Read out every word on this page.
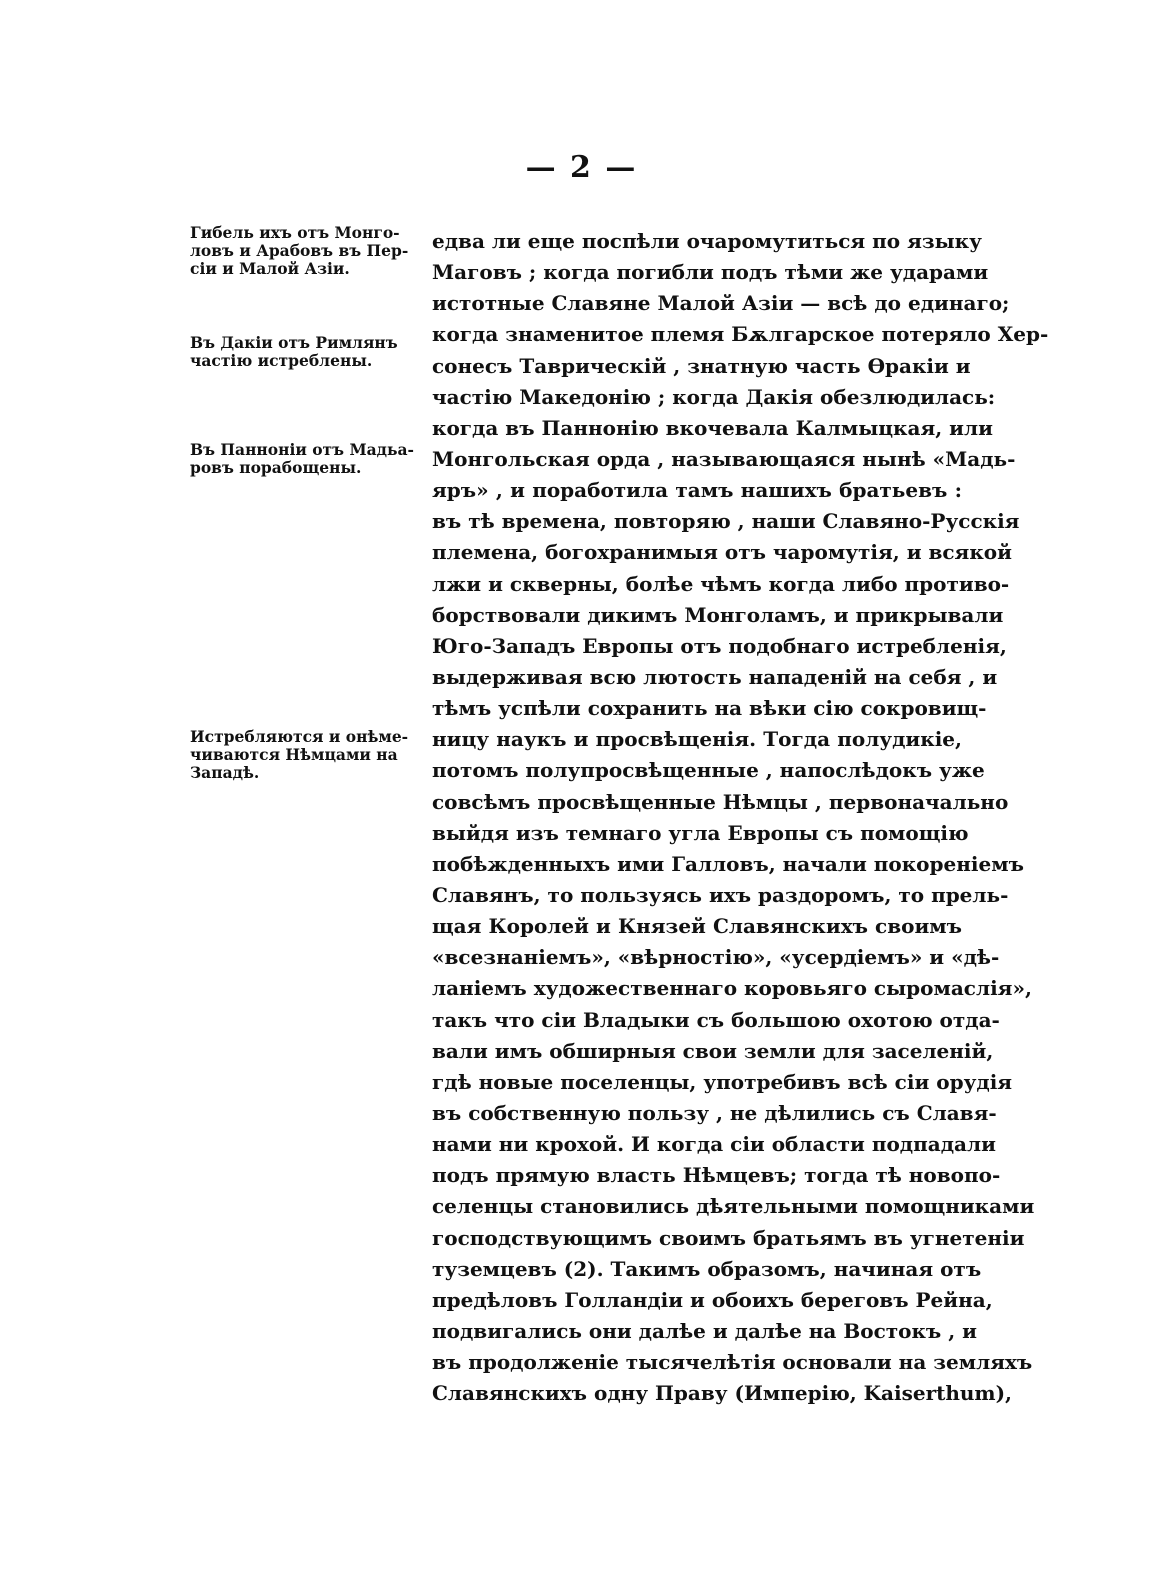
— 2 —
Гибель ихъ отъ Монго-
ловъ и Арабовъ въ Пер-
сіи и Малой Азіи.
Въ Дакіи отъ Римлянъ
частію истреблены.
Въ Паннонiи отъ Мадьа-
ровъ порабощены.
Истребляются и онѣме-
чиваются Нѣмцами на
Западѣ.
едва ли еще поспѣли очаромутиться по языку
Маговъ ; когда погибли подъ тѣми же ударами
истотные Славяне Малой Азіи — всѣ до единаго;
когда знаменитое племя Бѫлгарское потеряло Хер-
сонесъ Таврическій , знатную часть Ѳракіи и
частію Македонію ; когда Дакія обезлюдилась:
когда въ Паннонію вкочевала Калмыцкая, или
Монгольская орда , называющаяся нынѣ «Мадь-
яръ» , и поработила тамъ нашихъ братьевъ :
въ тѣ времена, повторяю , наши Славяно-Русскія
племена, богохранимыя отъ чаромутія, и всякой
лжи и скверны, болѣе чѣмъ когда либо противо-
борствовали дикимъ Монголамъ, и прикрывали
Юго-Западъ Европы отъ подобнаго истребленія,
выдерживая всю лютость нападеній на себя , и
тѣмъ успѣли сохранить на вѣки сію сокровищ-
ницу наукъ и просвѣщенія. Тогда полудикіе,
потомъ полупросвѣщенные , напослѣдокъ уже
совсѣмъ просвѣщенные Нѣмцы , первоначально
выйдя изъ темнаго угла Европы съ помощію
побѣжденныхъ ими Галловъ, начали покореніемъ
Славянъ, то пользуясь ихъ раздоромъ, то прель-
щая Королей и Князей Славянскихъ своимъ
«всезнаніемъ», «вѣрностію», «усердіемъ» и «дѣ-
ланіемъ художественнаго коровьяго сыромаслія»,
такъ что сіи Владыки съ большою охотою отда-
вали имъ обширныя свои земли для заселеній,
гдѣ новые поселенцы, употребивъ всѣ сіи орудія
въ собственную пользу , не дѣлились съ Славя-
нами ни крохой. И когда сіи области подпадали
подъ прямую власть Нѣмцевъ; тогда тѣ новопо-
селенцы становились дѣятельными помощниками
господствующимъ своимъ братьямъ въ угнетеніи
туземцевъ (2). Такимъ образомъ, начиная отъ
предѣловъ Голландіи и обоихъ береговъ Рейна,
подвигались они далѣе и далѣе на Востокъ , и
въ продолженіе тысячелѣтія основали на земляхъ
Славянскихъ одну Праву (Имперію, Kaiserthum),
